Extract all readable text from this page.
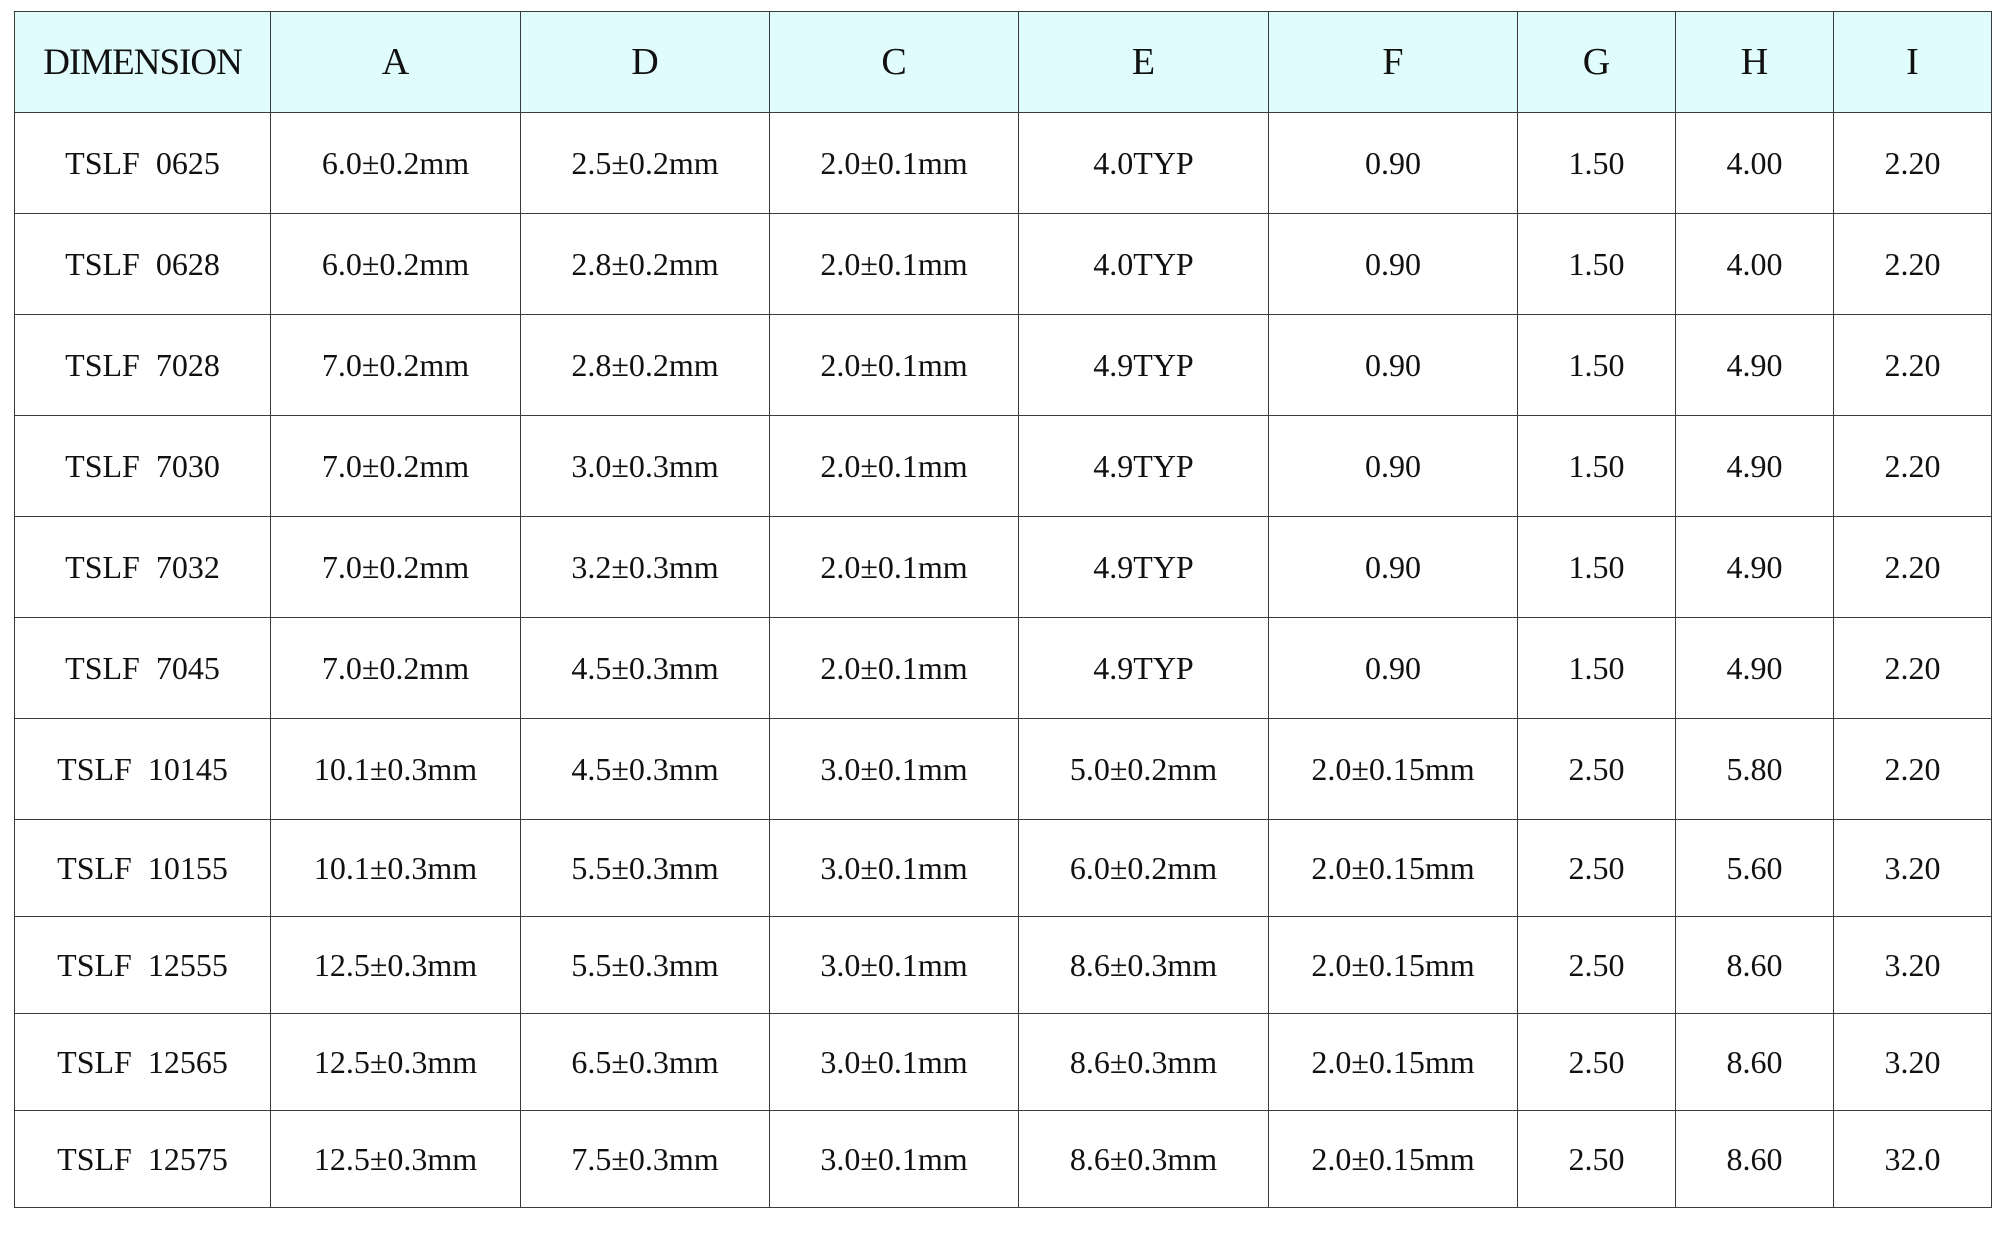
DIMENSION	A	D	C	E	F	G	H	I
TSLF  0625	6.0±0.2mm	2.5±0.2mm	2.0±0.1mm	4.0TYP	0.90	1.50	4.00	2.20
TSLF  0628	6.0±0.2mm	2.8±0.2mm	2.0±0.1mm	4.0TYP	0.90	1.50	4.00	2.20
TSLF  7028	7.0±0.2mm	2.8±0.2mm	2.0±0.1mm	4.9TYP	0.90	1.50	4.90	2.20
TSLF  7030	7.0±0.2mm	3.0±0.3mm	2.0±0.1mm	4.9TYP	0.90	1.50	4.90	2.20
TSLF  7032	7.0±0.2mm	3.2±0.3mm	2.0±0.1mm	4.9TYP	0.90	1.50	4.90	2.20
TSLF  7045	7.0±0.2mm	4.5±0.3mm	2.0±0.1mm	4.9TYP	0.90	1.50	4.90	2.20
TSLF  10145	10.1±0.3mm	4.5±0.3mm	3.0±0.1mm	5.0±0.2mm	2.0±0.15mm	2.50	5.80	2.20
TSLF  10155	10.1±0.3mm	5.5±0.3mm	3.0±0.1mm	6.0±0.2mm	2.0±0.15mm	2.50	5.60	3.20
TSLF  12555	12.5±0.3mm	5.5±0.3mm	3.0±0.1mm	8.6±0.3mm	2.0±0.15mm	2.50	8.60	3.20
TSLF  12565	12.5±0.3mm	6.5±0.3mm	3.0±0.1mm	8.6±0.3mm	2.0±0.15mm	2.50	8.60	3.20
TSLF  12575	12.5±0.3mm	7.5±0.3mm	3.0±0.1mm	8.6±0.3mm	2.0±0.15mm	2.50	8.60	32.0
